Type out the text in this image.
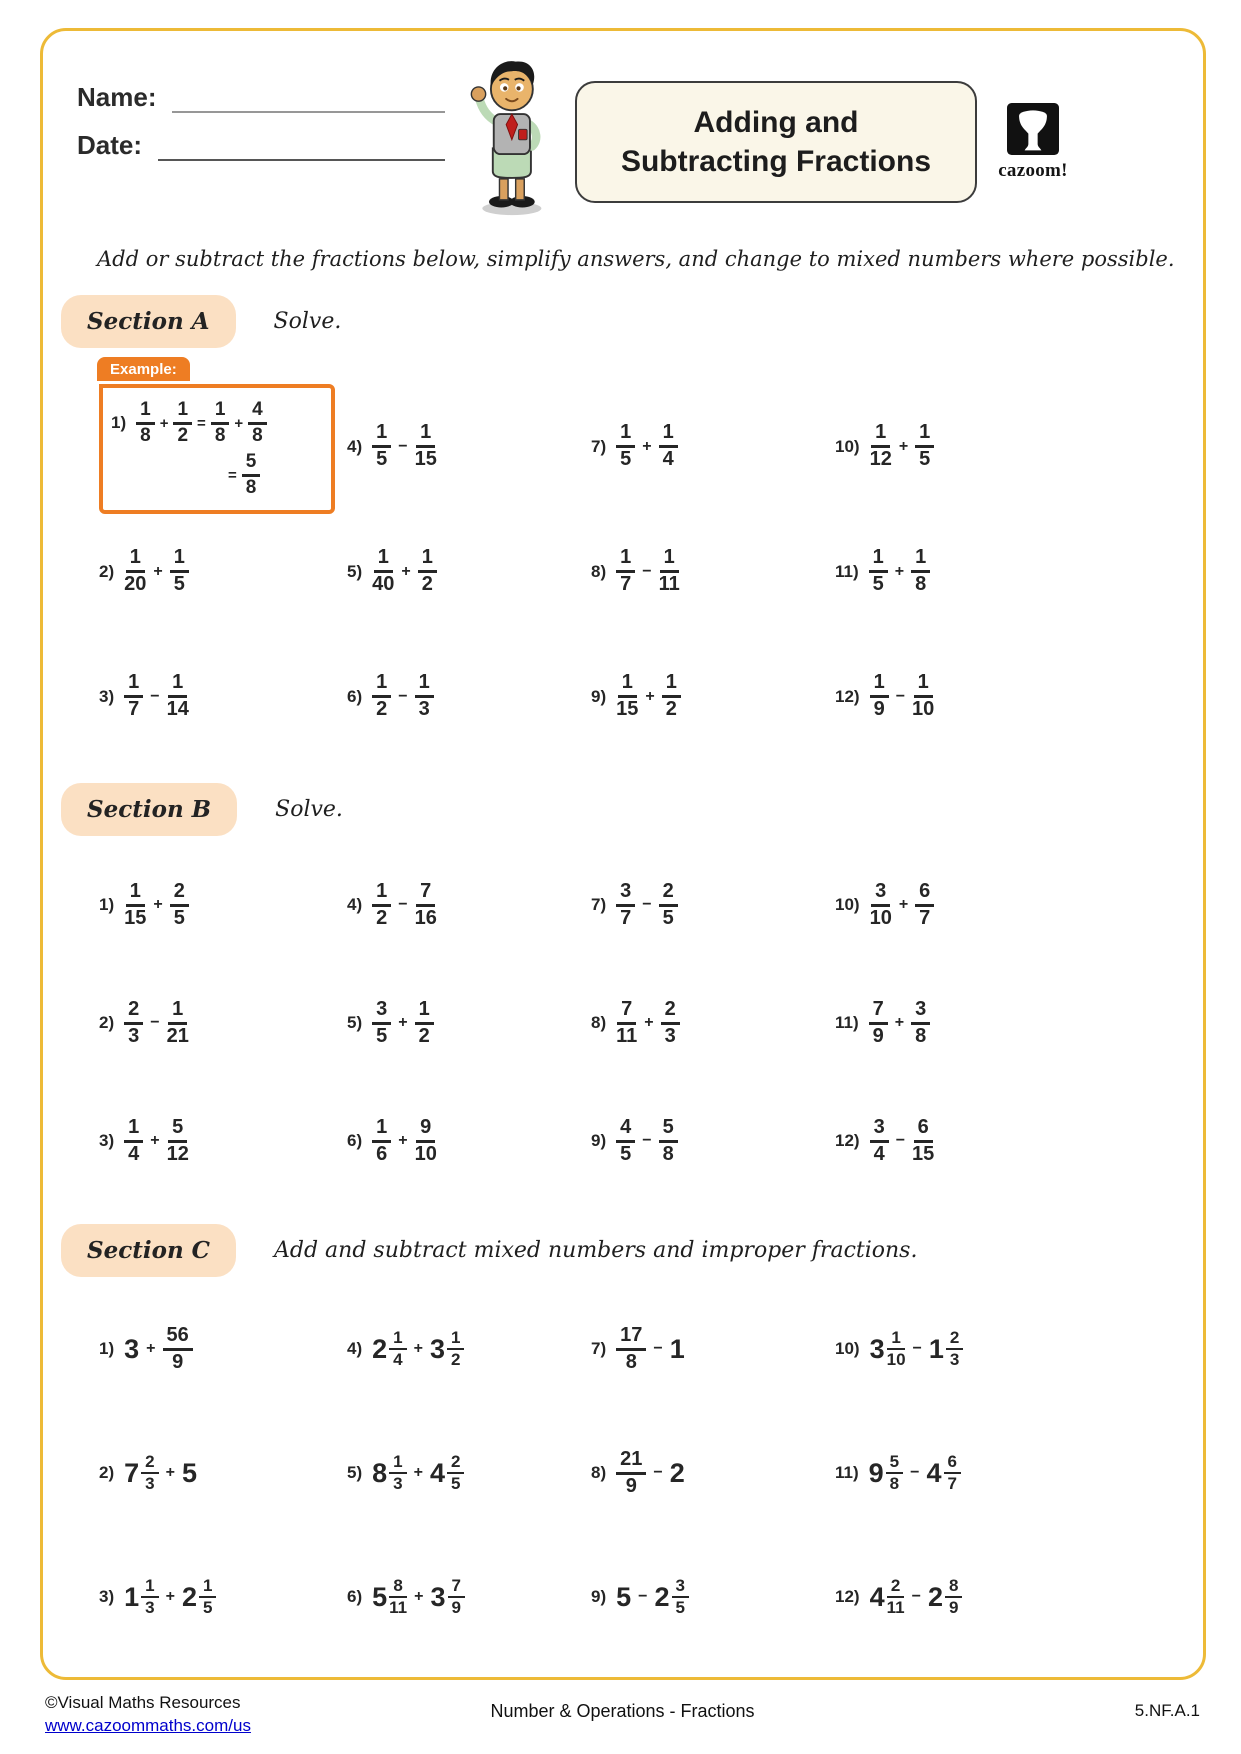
Name:
Date:
Adding and
Subtracting Fractions	cazoom!

Add or subtract the fractions below, simplify answers, and change to mixed numbers where possible.

Section A	Solve.
Example:
$1) \frac{1}{8} + \frac{1}{2} = \frac{1}{8} + \frac{4}{8}$
= $\frac{5}{8}$
$2) \frac{1}{20} + \frac{1}{5}$
$3) \frac{1}{7} - \frac{1}{14}$
$4) \frac{1}{5} - \frac{1}{15}$
$5) \frac{1}{40} + \frac{1}{2}$
$6) \frac{1}{2} - \frac{1}{3}$
$7) \frac{1}{5} + \frac{1}{4}$
$8) \frac{1}{7} - \frac{1}{11}$
$9) \frac{1}{15} + \frac{1}{2}$
$10) \frac{1}{12} + \frac{1}{5}$
$11) \frac{1}{5} + \frac{1}{8}$
$12) \frac{1}{9} - \frac{1}{10}$
Section B	Solve.
$1) \frac{1}{15} + \frac{2}{5}$
$2) \frac{2}{3} - \frac{1}{21}$
$3) \frac{1}{4} + \frac{5}{12}$
$4) \frac{1}{2} - \frac{7}{16}$
$5) \frac{3}{5} + \frac{1}{2}$
$6) \frac{1}{6} + \frac{9}{10}$
$7) \frac{3}{7} - \frac{2}{5}$
$8) \frac{7}{11} + \frac{2}{3}$
$9) \frac{4}{5} - \frac{5}{8}$
$10) \frac{3}{10} + \frac{6}{7}$
$11) \frac{7}{9} + \frac{3}{8}$
$12) \frac{3}{4} - \frac{6}{15}$
Section C	Add and subtract mixed numbers and improper fractions.
1) $3 + \frac{56}{9}$
2) $7 \frac{2}{3} + 5$
3) $1 \frac{1}{3} + 2 \frac{1}{5}$
4) $2 \frac{1}{4} + 3 \frac{1}{2}$
5) $8 \frac{1}{3} + 4 \frac{2}{5}$
6) $5 \frac{8}{11} + 3 \frac{7}{9}$
$7) \frac{17}{8} - 1$
$8) \frac{21}{9} - 2$
9) $5 - 2 \frac{3}{5}$
10) $3 \frac{1}{10} - 1 \frac{2}{3}$
11) $9 \frac{5}{8} - 4 \frac{6}{7}$
12) $4 \frac{2}{11} - 2 \frac{8}{9}$
©Visual Maths Resources
www.cazoommaths.com/us
Number & Operations - Fractions	5.NF.A.1
